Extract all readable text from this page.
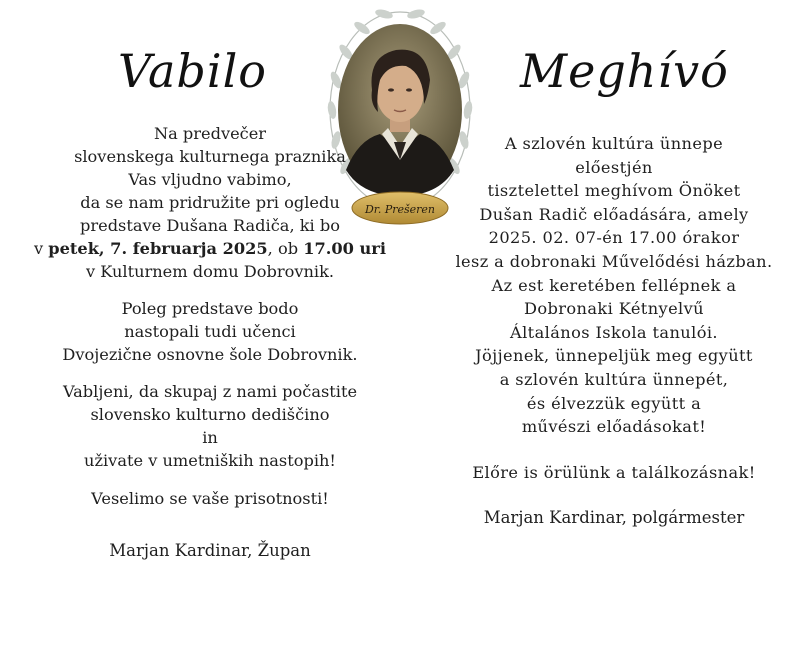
Vabilo	Meghívó
Dr. Prešeren

Na predvečer

slovenskega kulturnega praznika

Vas vljudno vabimo,

da se nam pridružite pri ogledu

predstave Dušana Radiča, ki bo

v petek, 7. februarja 2025, ob 17.00 uri

v Kulturnem domu Dobrovnik.

Poleg predstave bodo

nastopali tudi učenci

Dvojezične osnovne šole Dobrovnik.

Vabljeni, da skupaj z nami počastite

slovensko kulturno dediščino

in

uživate v umetniških nastopih!

Veselimo se vaše prisotnosti!

Marjan Kardinar, Župan

A szlovén kultúra ünnepe

előestjén

tisztelettel meghívom Önöket

Dušan Radič előadására, amely

2025. 02. 07-én 17.00 órakor

lesz a dobronaki Művelődési házban.

Az est keretében fellépnek a

Dobronaki Kétnyelvű

Általános Iskola tanulói.

Jöjjenek, ünnepeljük meg együtt

a szlovén kultúra ünnepét,

és élvezzük együtt a

művészi előadásokat!

Előre is örülünk a találkozásnak!

Marjan Kardinar, polgármester
